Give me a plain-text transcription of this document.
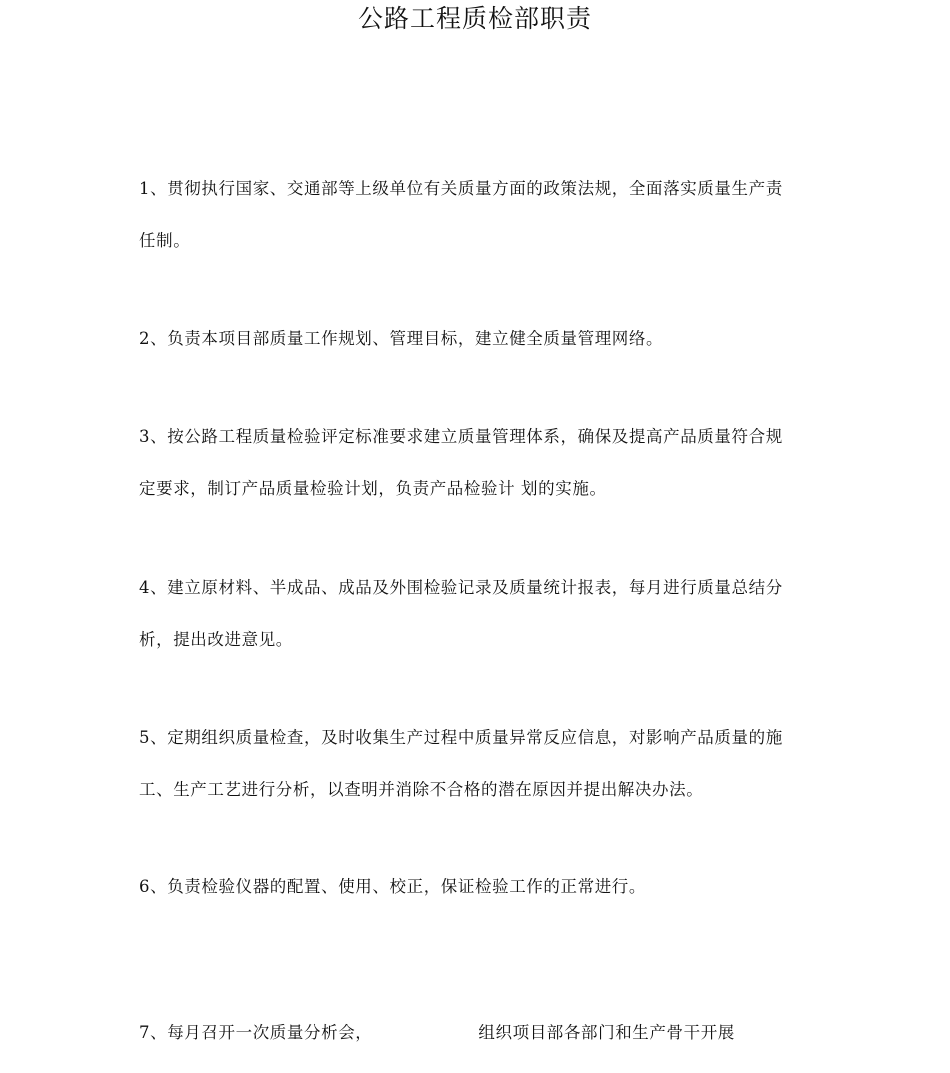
公路工程质检部职责
1、贯彻执行国家、交通部等上级单位有关质量方面的政策法规，全面落实质量生产责
任制。
2、负责本项目部质量工作规划、管理目标，建立健全质量管理网络。
3、按公路工程质量检验评定标准要求建立质量管理体系，确保及提高产品质量符合规
定要求，制订产品质量检验计划，负责产品检验计 划的实施。
4、建立原材料、半成品、成品及外围检验记录及质量统计报表，每月进行质量总结分
析，提出改进意见。
5、定期组织质量检查，及时收集生产过程中质量异常反应信息，对影响产品质量的施
工、生产工艺进行分析，以查明并消除不合格的潜在原因并提出解决办法。
6、负责检验仪器的配置、使用、校正，保证检验工作的正常进行。
7、每月召开一次质量分析会，	组织项目部各部门和生产骨干开展
